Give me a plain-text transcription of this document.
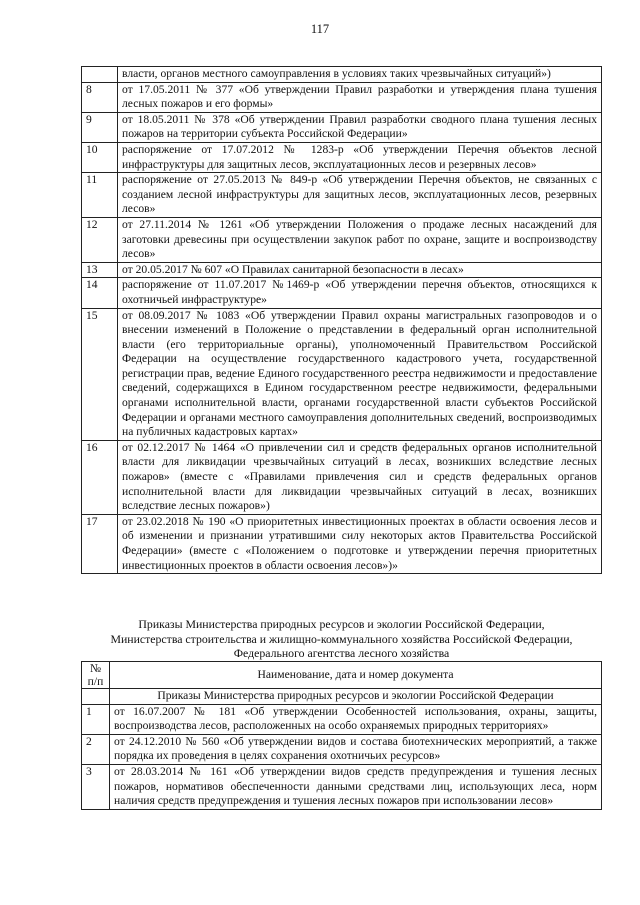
117
	власти, органов местного самоуправления в условиях таких чрезвычайных ситуаций»)
8	от 17.05.2011 № 377 «Об утверждении Правил разработки и утверждения плана тушения лесных пожаров и его формы»
9	от 18.05.2011 № 378 «Об утверждении Правил разработки сводного плана тушения лесных пожаров на территории субъекта Российской Федерации»
10	распоряжение от 17.07.2012 № 1283-р «Об утверждении Перечня объектов лесной инфраструктуры для защитных лесов, эксплуатационных лесов и резервных лесов»
11	распоряжение от 27.05.2013 № 849-р «Об утверждении Перечня объектов, не связанных с созданием лесной инфраструктуры для защитных лесов, эксплуатационных лесов, резервных лесов»
12	от 27.11.2014 № 1261 «Об утверждении Положения о продаже лесных насаждений для заготовки древесины при осуществлении закупок работ по охране, защите и воспроизводству лесов»
13	от 20.05.2017 № 607 «О Правилах санитарной безопасности в лесах»
14	распоряжение от 11.07.2017 №1469-р «Об утверждении перечня объектов, относящихся к охотничьей инфраструктуре»
15	от 08.09.2017 № 1083 «Об утверждении Правил охраны магистральных газопроводов и о внесении изменений в Положение о представлении в федеральный орган исполнительной власти (его территориальные органы), уполномоченный Правительством Российской Федерации на осуществление государственного кадастрового учета, государственной регистрации прав, ведение Единого государственного реестра недвижимости и предоставление сведений, содержащихся в Едином государственном реестре недвижимости, федеральными органами исполнительной власти, органами государственной власти субъектов Российской Федерации и органами местного самоуправления дополнительных сведений, воспроизводимых на публичных кадастровых картах»
16	от 02.12.2017 № 1464 «О привлечении сил и средств федеральных органов исполнительной власти для ликвидации чрезвычайных ситуаций в лесах, возникших вследствие лесных пожаров» (вместе с «Правилами привлечения сил и средств федеральных органов исполнительной власти для ликвидации чрезвычайных ситуаций в лесах, возникших вследствие лесных пожаров»)
17	от 23.02.2018 № 190 «О приоритетных инвестиционных проектах в области освоения лесов и об изменении и признании утратившими силу некоторых актов Правительства Российской Федерации» (вместе с «Положением о подготовке и утверждении перечня приоритетных инвестиционных проектов в области освоения лесов»)»
Приказы Министерства природных ресурсов и экологии Российской Федерации,
Министерства строительства и жилищно-коммунального хозяйства Российской Федерации,
Федерального агентства лесного хозяйства
№
п/п	Наименование, дата и номер документа
	Приказы Министерства природных ресурсов и экологии Российской Федерации
1	от 16.07.2007 № 181 «Об утверждении Особенностей использования, охраны, защиты, воспроизводства лесов, расположенных на особо охраняемых природных территориях»
2	от 24.12.2010 № 560 «Об утверждении видов и состава биотехнических мероприятий, а также порядка их проведения в целях сохранения охотничьих ресурсов»
3	от 28.03.2014 № 161 «Об утверждении видов средств предупреждения и тушения лесных пожаров, нормативов обеспеченности данными средствами лиц, использующих леса, норм наличия средств предупреждения и тушения лесных пожаров при использовании лесов»
